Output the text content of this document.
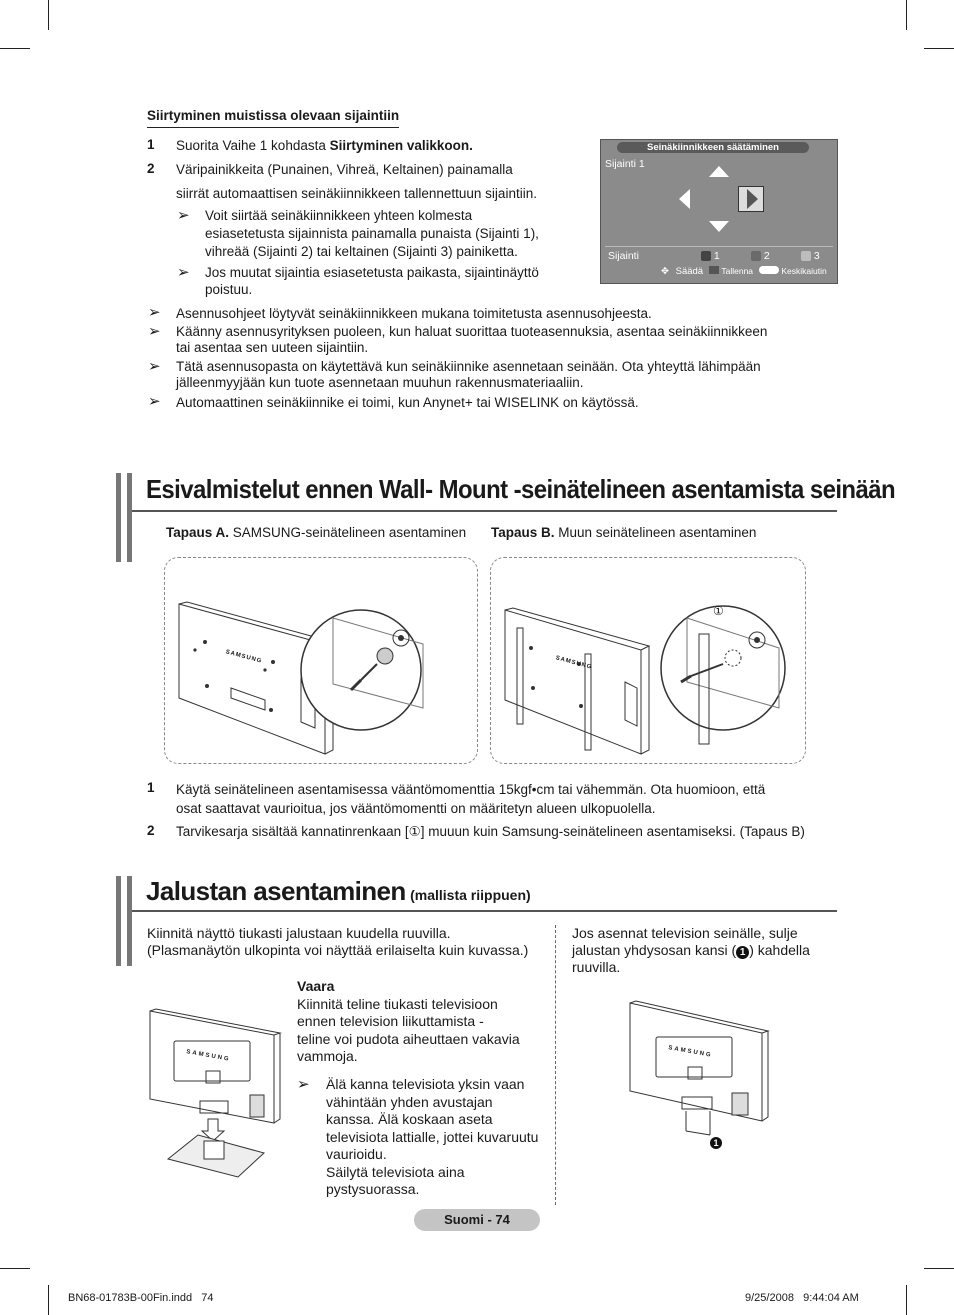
Siirtyminen muistissa olevaan sijaintiin
1 Suorita Vaihe 1 kohdasta Siirtyminen valikkoon.
2 Väripainikkeita (Punainen, Vihreä, Keltainen) painamalla
siirrät automaattisen seinäkiinnikkeen tallennettuun sijaintiin.
➢ Voit siirtää seinäkiinnikkeen yhteen kolmesta
esiasetetusta sijainnista painamalla punaista (Sijainti 1),
vihreää (Sijainti 2) tai keltainen (Sijainti 3) painiketta.
➢ Jos muutat sijaintia esiasetetusta paikasta, sijaintinäyttö
poistuu.
Seinäkiinnikkeen säätäminen
Sijainti 1
Sijainti	1	2	3
✥ Säädä Tallenna	Keskikaiutin
➢ Asennusohjeet löytyvät seinäkiinnikkeen mukana toimitetusta asennusohjeesta.
➢ Käänny asennusyrityksen puoleen, kun haluat suorittaa tuoteasennuksia, asentaa seinäkiinnikkeen
tai asentaa sen uuteen sijaintiin.
➢ Tätä asennusopasta on käytettävä kun seinäkiinnike asennetaan seinään. Ota yhteyttä lähimpään
jälleenmyyjään kun tuote asennetaan muuhun rakennusmateriaaliin.
➢ Automaattinen seinäkiinnike ei toimi, kun Anynet+ tai WISELINK on käytössä.
Esivalmistelut ennen Wall- Mount -seinätelineen asentamista seinään
Tapaus A. SAMSUNG-seinätelineen asentaminen Tapaus B. Muun seinätelineen asentaminen
SAMSUNG	SAMSUNG
①
1 Käytä seinätelineen asentamisessa vääntömomenttia 15kgf•cm tai vähemmän. Ota huomioon, että
osat saattavat vaurioitua, jos vääntömomentti on määritetyn alueen ulkopuolella.
2 Tarvikesarja sisältää kannatinrenkaan [①] muuun kuin Samsung-seinätelineen asentamiseksi. (Tapaus B)
Jalustan asentaminen (mallista riippuen)
Kiinnitä näyttö tiukasti jalustaan kuudella ruuvilla.
(Plasmanäytön ulkopinta voi näyttää erilaiselta kuin kuvassa.)
Jos asennat television seinälle, sulje
jalustan yhdysosan kansi ( 1 ) kahdella
ruuvilla.
Vaara
Kiinnitä teline tiukasti televisioon
ennen television liikuttamista -
teline voi pudota aiheuttaen vakavia
vammoja.
➢ Älä kanna televisiota yksin vaan
vähintään yhden avustajan
kanssa. Älä koskaan aseta
televisiota lattialle, jottei kuvaruutu
vaurioidu.
Säilytä televisiota aina
pystysuorassa.
SAMSUNG	SAMSUNG
1
Suomi - 74
BN68-01783B-00Fin.indd   74	9/25/2008   9:44:04 AM
